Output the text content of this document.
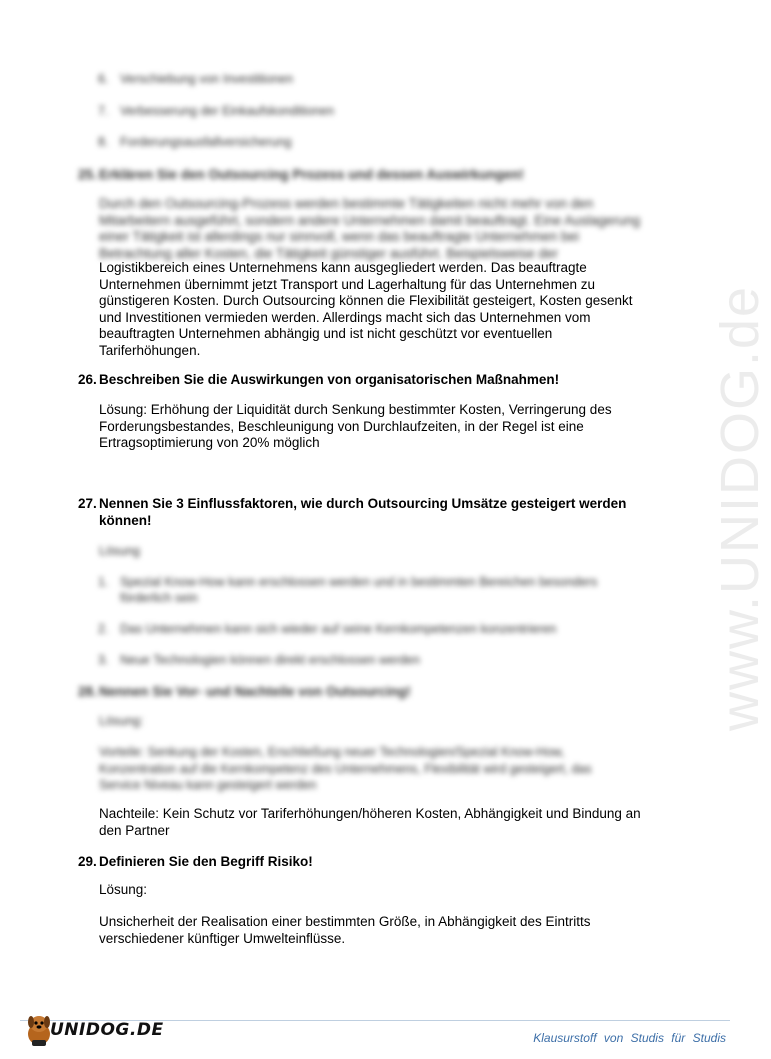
www.UNIDOG.de
6. Verschiebung von Investitionen
7. Verbesserung der Einkaufskonditionen
8. Forderungsausfallversicherung
25. Erklären Sie den Outsourcing Prozess und dessen Auswirkungen!
Durch den Outsourcing-Prozess werden bestimmte Tätigkeiten nicht mehr von den
Mitarbeitern ausgeführt, sondern andere Unternehmen damit beauftragt. Eine Auslagerung
einer Tätigkeit ist allerdings nur sinnvoll, wenn das beauftragte Unternehmen bei
Betrachtung aller Kosten, die Tätigkeit günstiger ausführt. Beispielsweise der
Logistikbereich eines Unternehmens kann ausgegliedert werden. Das beauftragte
Unternehmen übernimmt jetzt Transport und Lagerhaltung für das Unternehmen zu
günstigeren Kosten. Durch Outsourcing können die Flexibilität gesteigert, Kosten gesenkt
und Investitionen vermieden werden. Allerdings macht sich das Unternehmen vom
beauftragten Unternehmen abhängig und ist nicht geschützt vor eventuellen
Tariferhöhungen.
26. Beschreiben Sie die Auswirkungen von organisatorischen Maßnahmen!
Lösung: Erhöhung der Liquidität durch Senkung bestimmter Kosten, Verringerung des
Forderungsbestandes, Beschleunigung von Durchlaufzeiten, in der Regel ist eine
Ertragsoptimierung von 20% möglich
27. Nennen Sie 3 Einflussfaktoren, wie durch Outsourcing Umsätze gesteigert werden
können!
Lösung
1. Spezial Know-How kann erschlossen werden und in bestimmten Bereichen besonders
förderlich sein
2. Das Unternehmen kann sich wieder auf seine Kernkompetenzen konzentrieren
3. Neue Technologien können direkt erschlossen werden
28. Nennen Sie Vor- und Nachteile von Outsourcing!
Lösung:
Vorteile: Senkung der Kosten, Erschließung neuer Technologien/Spezial Know-How,
Konzentration auf die Kernkompetenz des Unternehmens, Flexibilität wird gesteigert, das
Service Niveau kann gesteigert werden
Nachteile: Kein Schutz vor Tariferhöhungen/höheren Kosten, Abhängigkeit und Bindung an
den Partner
29. Definieren Sie den Begriff Risiko!
Lösung:
Unsicherheit der Realisation einer bestimmten Größe, in Abhängigkeit des Eintritts
verschiedener künftiger Umwelteinflüsse.
UNIDOG.DE	Klausurstoff von Studis für Studis
